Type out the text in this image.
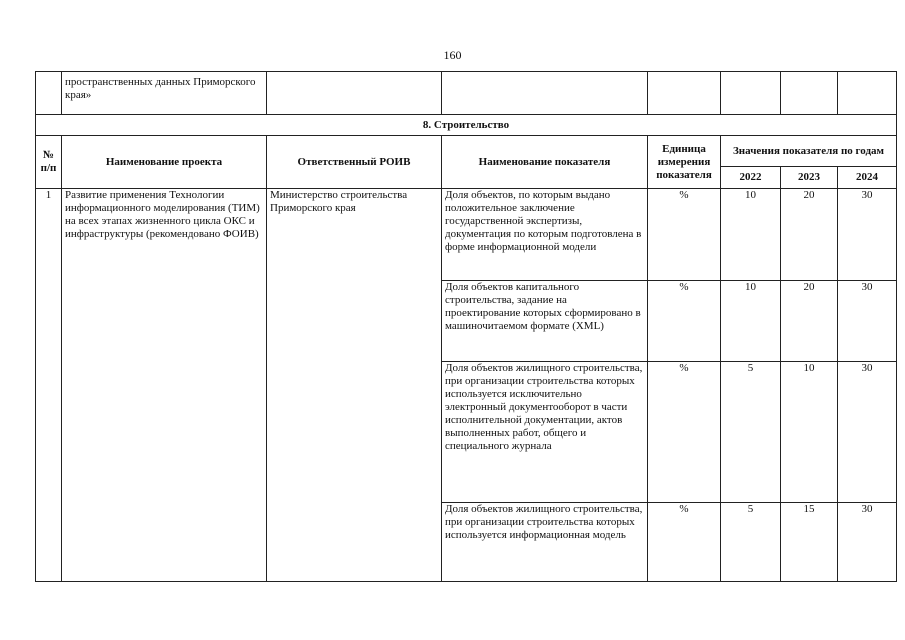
160
	пространственных данных Приморского края»						
8. Строительство							
№ п/п	Наименование проекта	Ответственный РОИВ	Наименование показателя	Единица измерения показателя	Значения показателя по годам		
					2022	2023	2024
1	Развитие применения Технологии информационного моделирования (ТИМ) на всех этапах жизненного цикла ОКС и инфраструктуры (рекомендовано ФОИВ)	Министерство строительства Приморского края	Доля объектов, по которым выдано положительное заключение государственной экспертизы, документация по которым подготовлена в форме информационной модели	%	10	20	30
			Доля объектов капитального строительства, задание на проектирование которых сформировано в машиночитаемом формате (XML)	%	10	20	30
			Доля объектов жилищного строительства, при организации строительства которых используется исключительно электронный документооборот в части исполнительной документации, актов выполненных работ, общего и специального журнала	%	5	10	30
			Доля объектов жилищного строительства, при организации строительства которых используется информационная модель	%	5	15	30
